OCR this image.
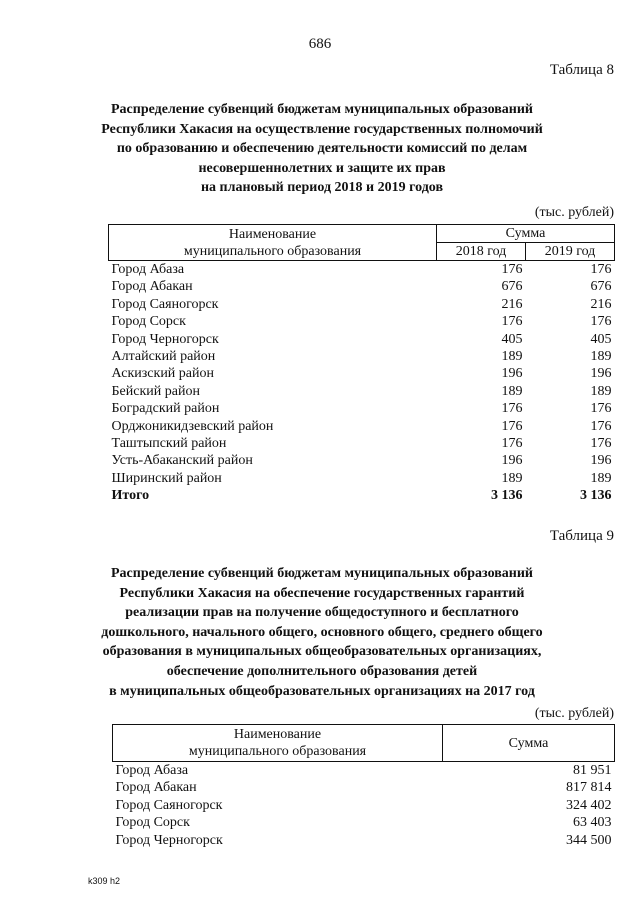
686
Таблица 8
Распределение субвенций бюджетам муниципальных образований
Республики Хакасия на осуществление государственных полномочий
по образованию и обеспечению деятельности комиссий по делам
несовершеннолетних и защите их прав
на плановый период 2018 и 2019 годов
(тыс. рублей)
Наименование
муниципального образования	Сумма	
	2018 год	2019 год
Город Абаза	176	176
Город Абакан	676	676
Город Саяногорск	216	216
Город Сорск	176	176
Город Черногорск	405	405
Алтайский район	189	189
Аскизский район	196	196
Бейский район	189	189
Боградский район	176	176
Орджоникидзевский район	176	176
Таштыпский район	176	176
Усть-Абаканский район	196	196
Ширинский район	189	189
Итого	3 136	3 136
Таблица 9
Распределение субвенций бюджетам муниципальных образований
Республики Хакасия на обеспечение государственных гарантий
реализации прав на получение общедоступного и бесплатного
дошкольного, начального общего, основного общего, среднего общего
образования в муниципальных общеобразовательных организациях,
обеспечение дополнительного образования детей
в муниципальных общеобразовательных организациях на 2017 год
(тыс. рублей)
Наименование
муниципального образования	Сумма
Город Абаза	81 951
Город Абакан	817 814
Город Саяногорск	324 402
Город Сорск	63 403
Город Черногорск	344 500
k309 h2
